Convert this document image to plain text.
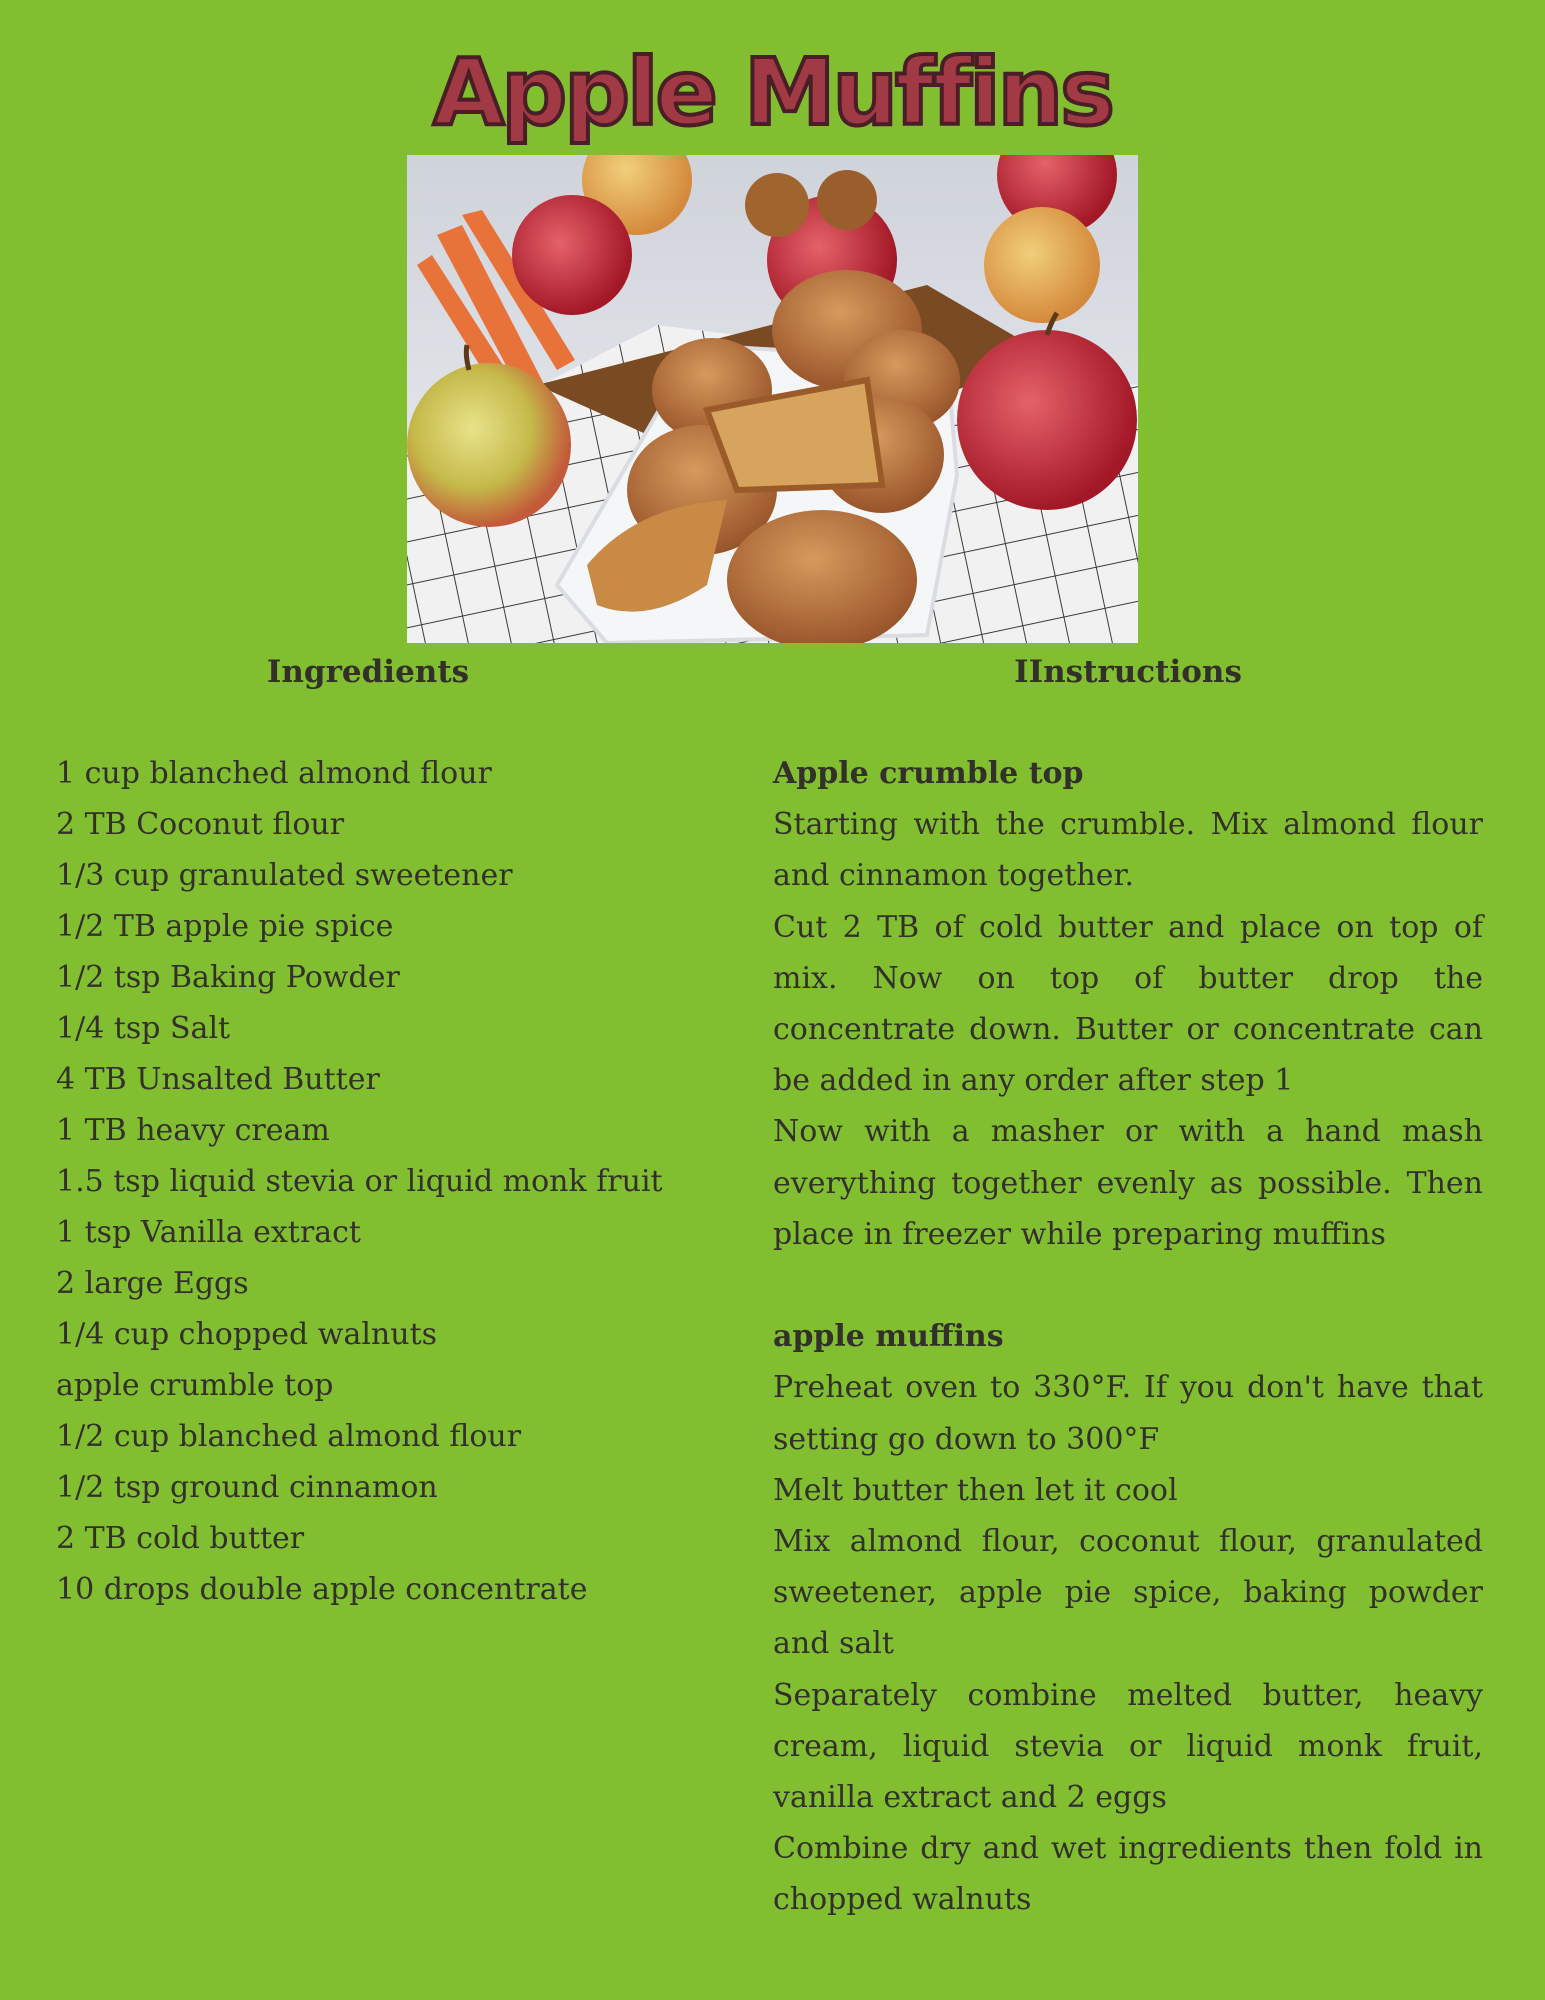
Apple Muffins
Ingredients	IInstructions
1 cup blanched almond flour
2 TB Coconut flour
1/3 cup granulated sweetener
1/2 TB apple pie spice
1/2 tsp Baking Powder
1/4 tsp Salt
4 TB Unsalted Butter
1 TB heavy cream
1.5 tsp liquid stevia or liquid monk fruit
1 tsp Vanilla extract
2 large Eggs
1/4 cup chopped walnuts
apple crumble top
1/2 cup blanched almond flour
1/2 tsp ground cinnamon
2 TB cold butter
10 drops double apple concentrate

Apple crumble top

Starting with the crumble. Mix almond flour and cinnamon together.

Cut 2 TB of cold butter and place on top of mix. Now on top of butter drop the concentrate down. Butter or concentrate can be added in any order after step 1

Now with a masher or with a hand mash everything together evenly as possible. Then place in freezer while preparing muffins

apple muffins

Preheat oven to 330°F. If you don't have that setting go down to 300°F

Melt butter then let it cool

Mix almond flour, coconut flour, granulated sweetener, apple pie spice, baking powder and salt

Separately combine melted butter, heavy cream, liquid stevia or liquid monk fruit, vanilla extract and 2 eggs

Combine dry and wet ingredients then fold in chopped walnuts
